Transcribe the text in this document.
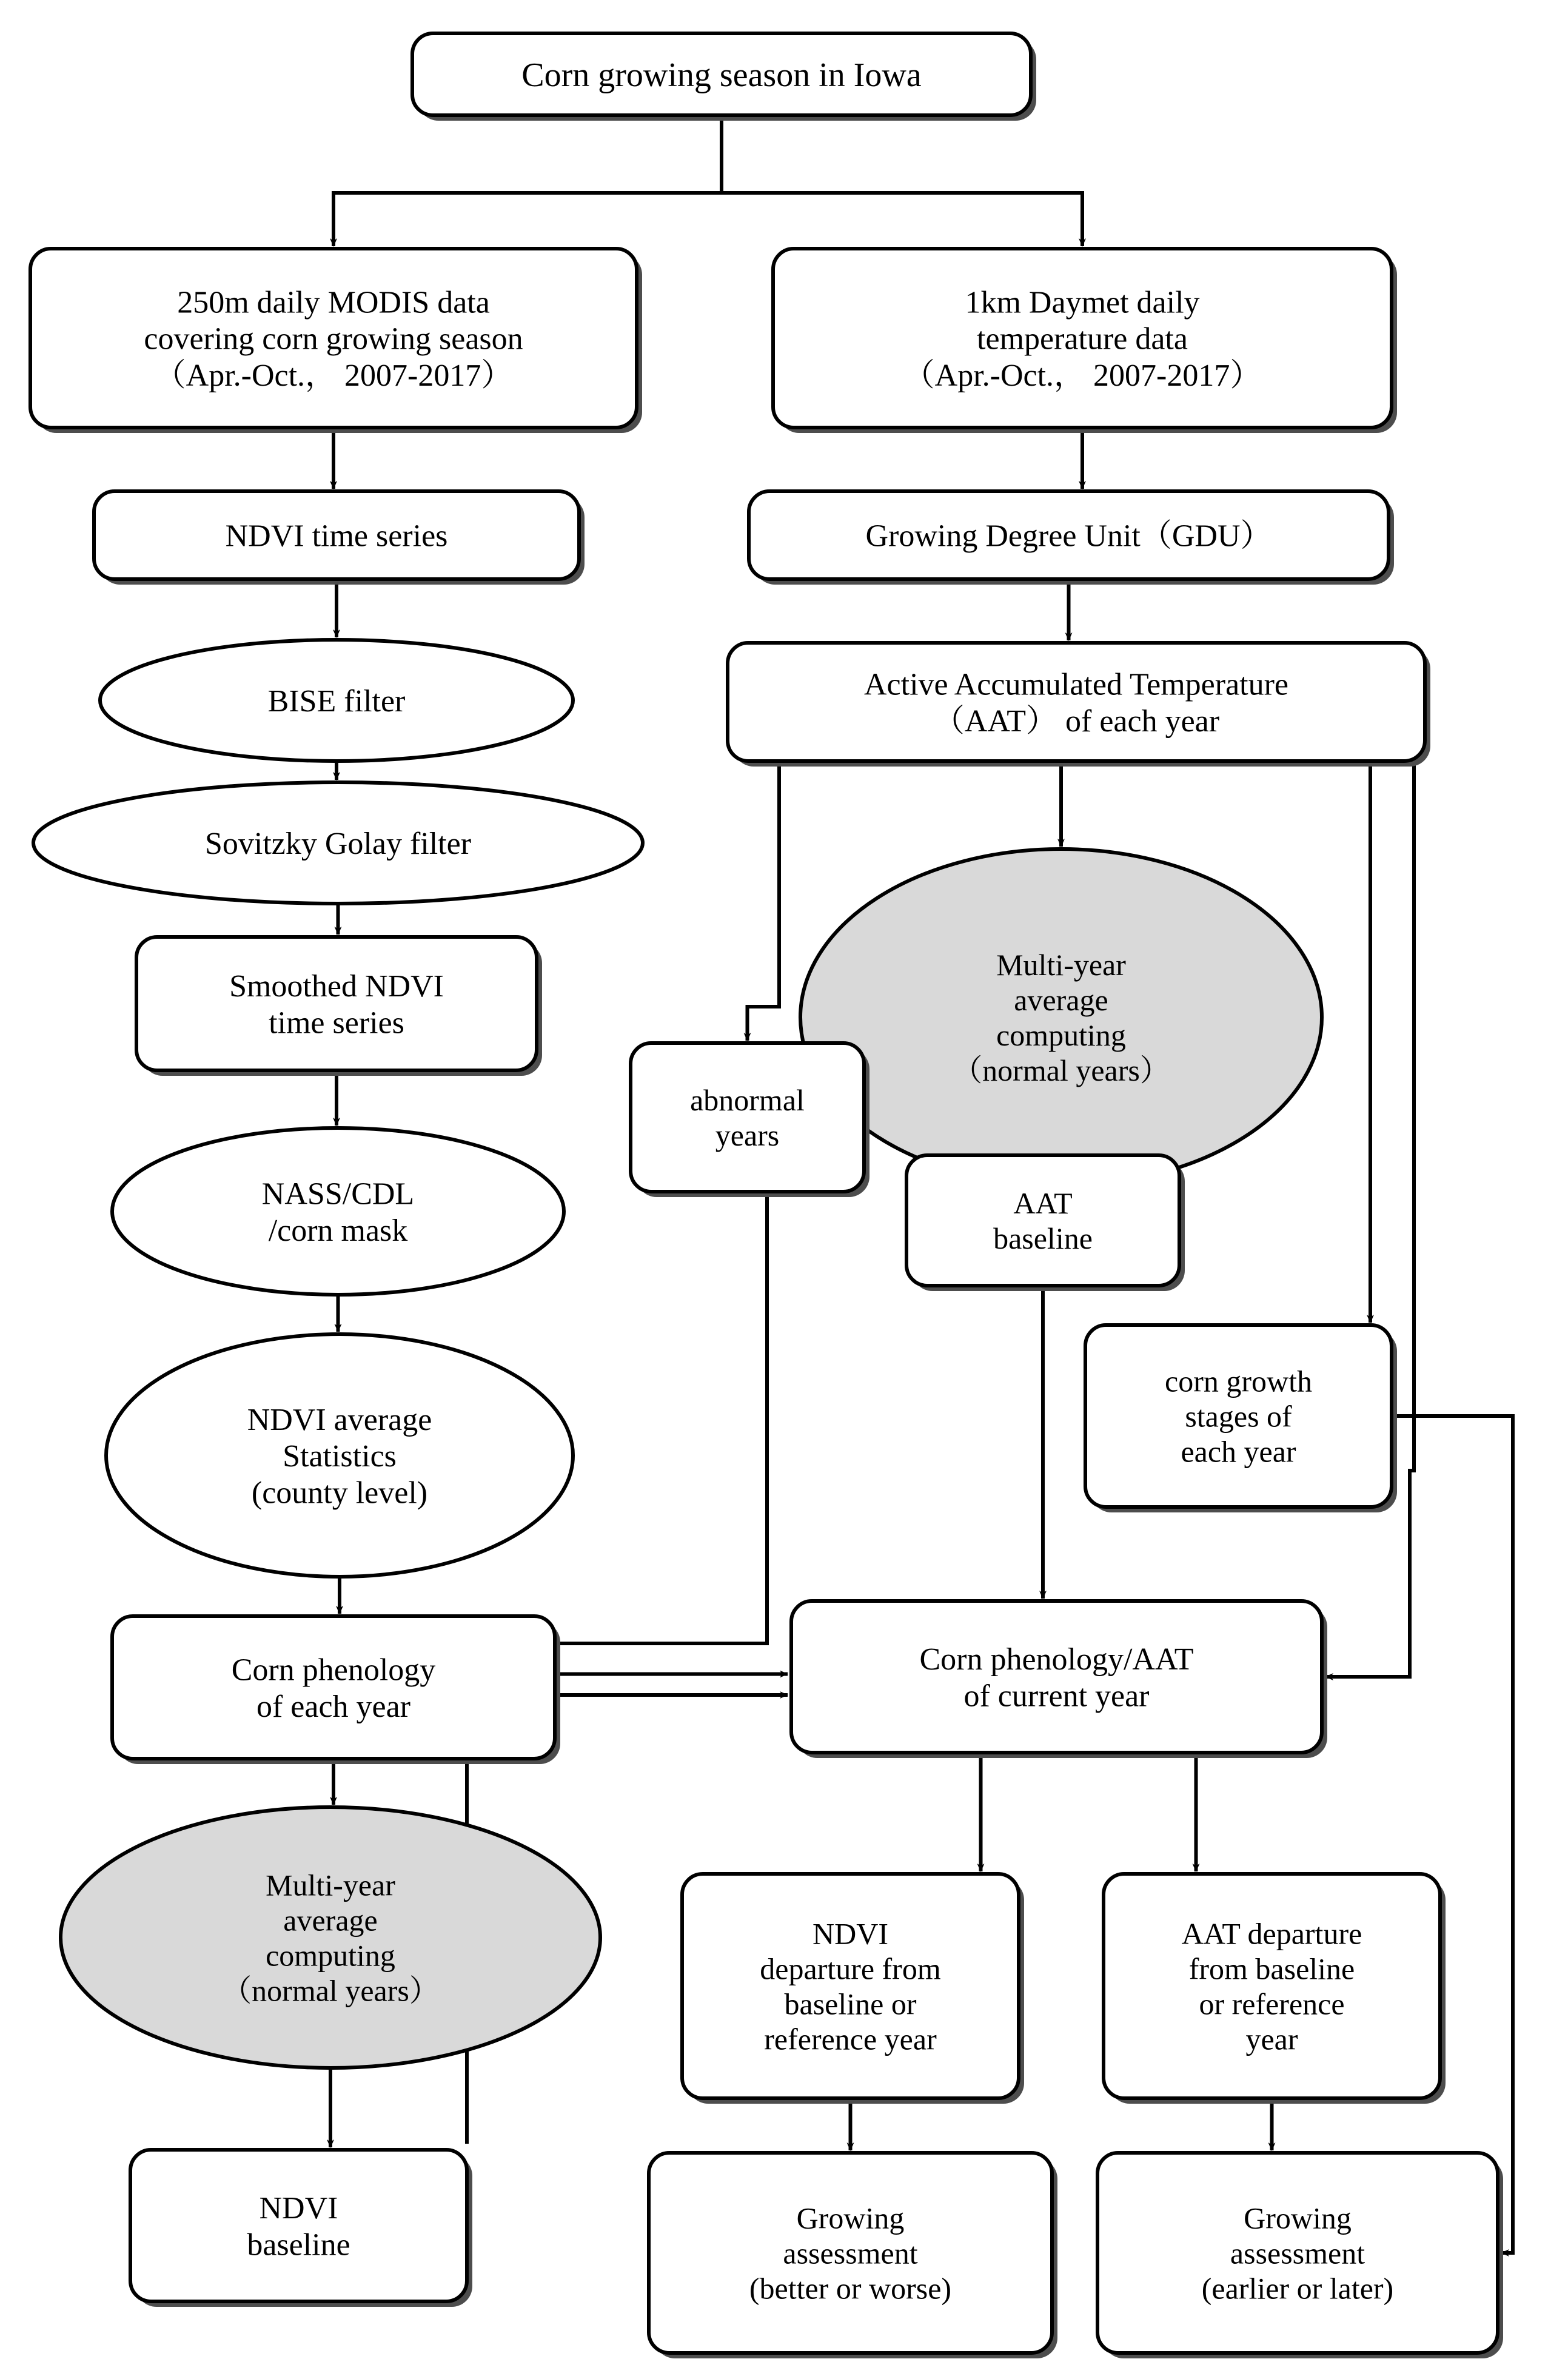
Corn growing season in Iowa
250m daily MODIS data covering corn growing season （Apr.-Oct.， 2007-2017）
1km Daymet daily temperature data （Apr.-Oct.， 2007-2017）
NDVI time series	Growing Degree Unit（GDU）
BISE filter	Active Accumulated Temperature （AAT） of each year
Sovitzky Golay filter
Multi-year average computing （normal years）
Smoothed NDVI time series
abnormal years
AAT baseline
NASS/CDL /corn mask
corn growth stages of each year
NDVI average Statistics (county level)
Corn phenology of each year
Corn phenology/AAT of current year
Multi-year average computing （normal years）
NDVI departure from baseline or reference year
AAT departure from baseline or reference year
NDVI baseline
Growing assessment (better or worse)
Growing assessment (earlier or later)
